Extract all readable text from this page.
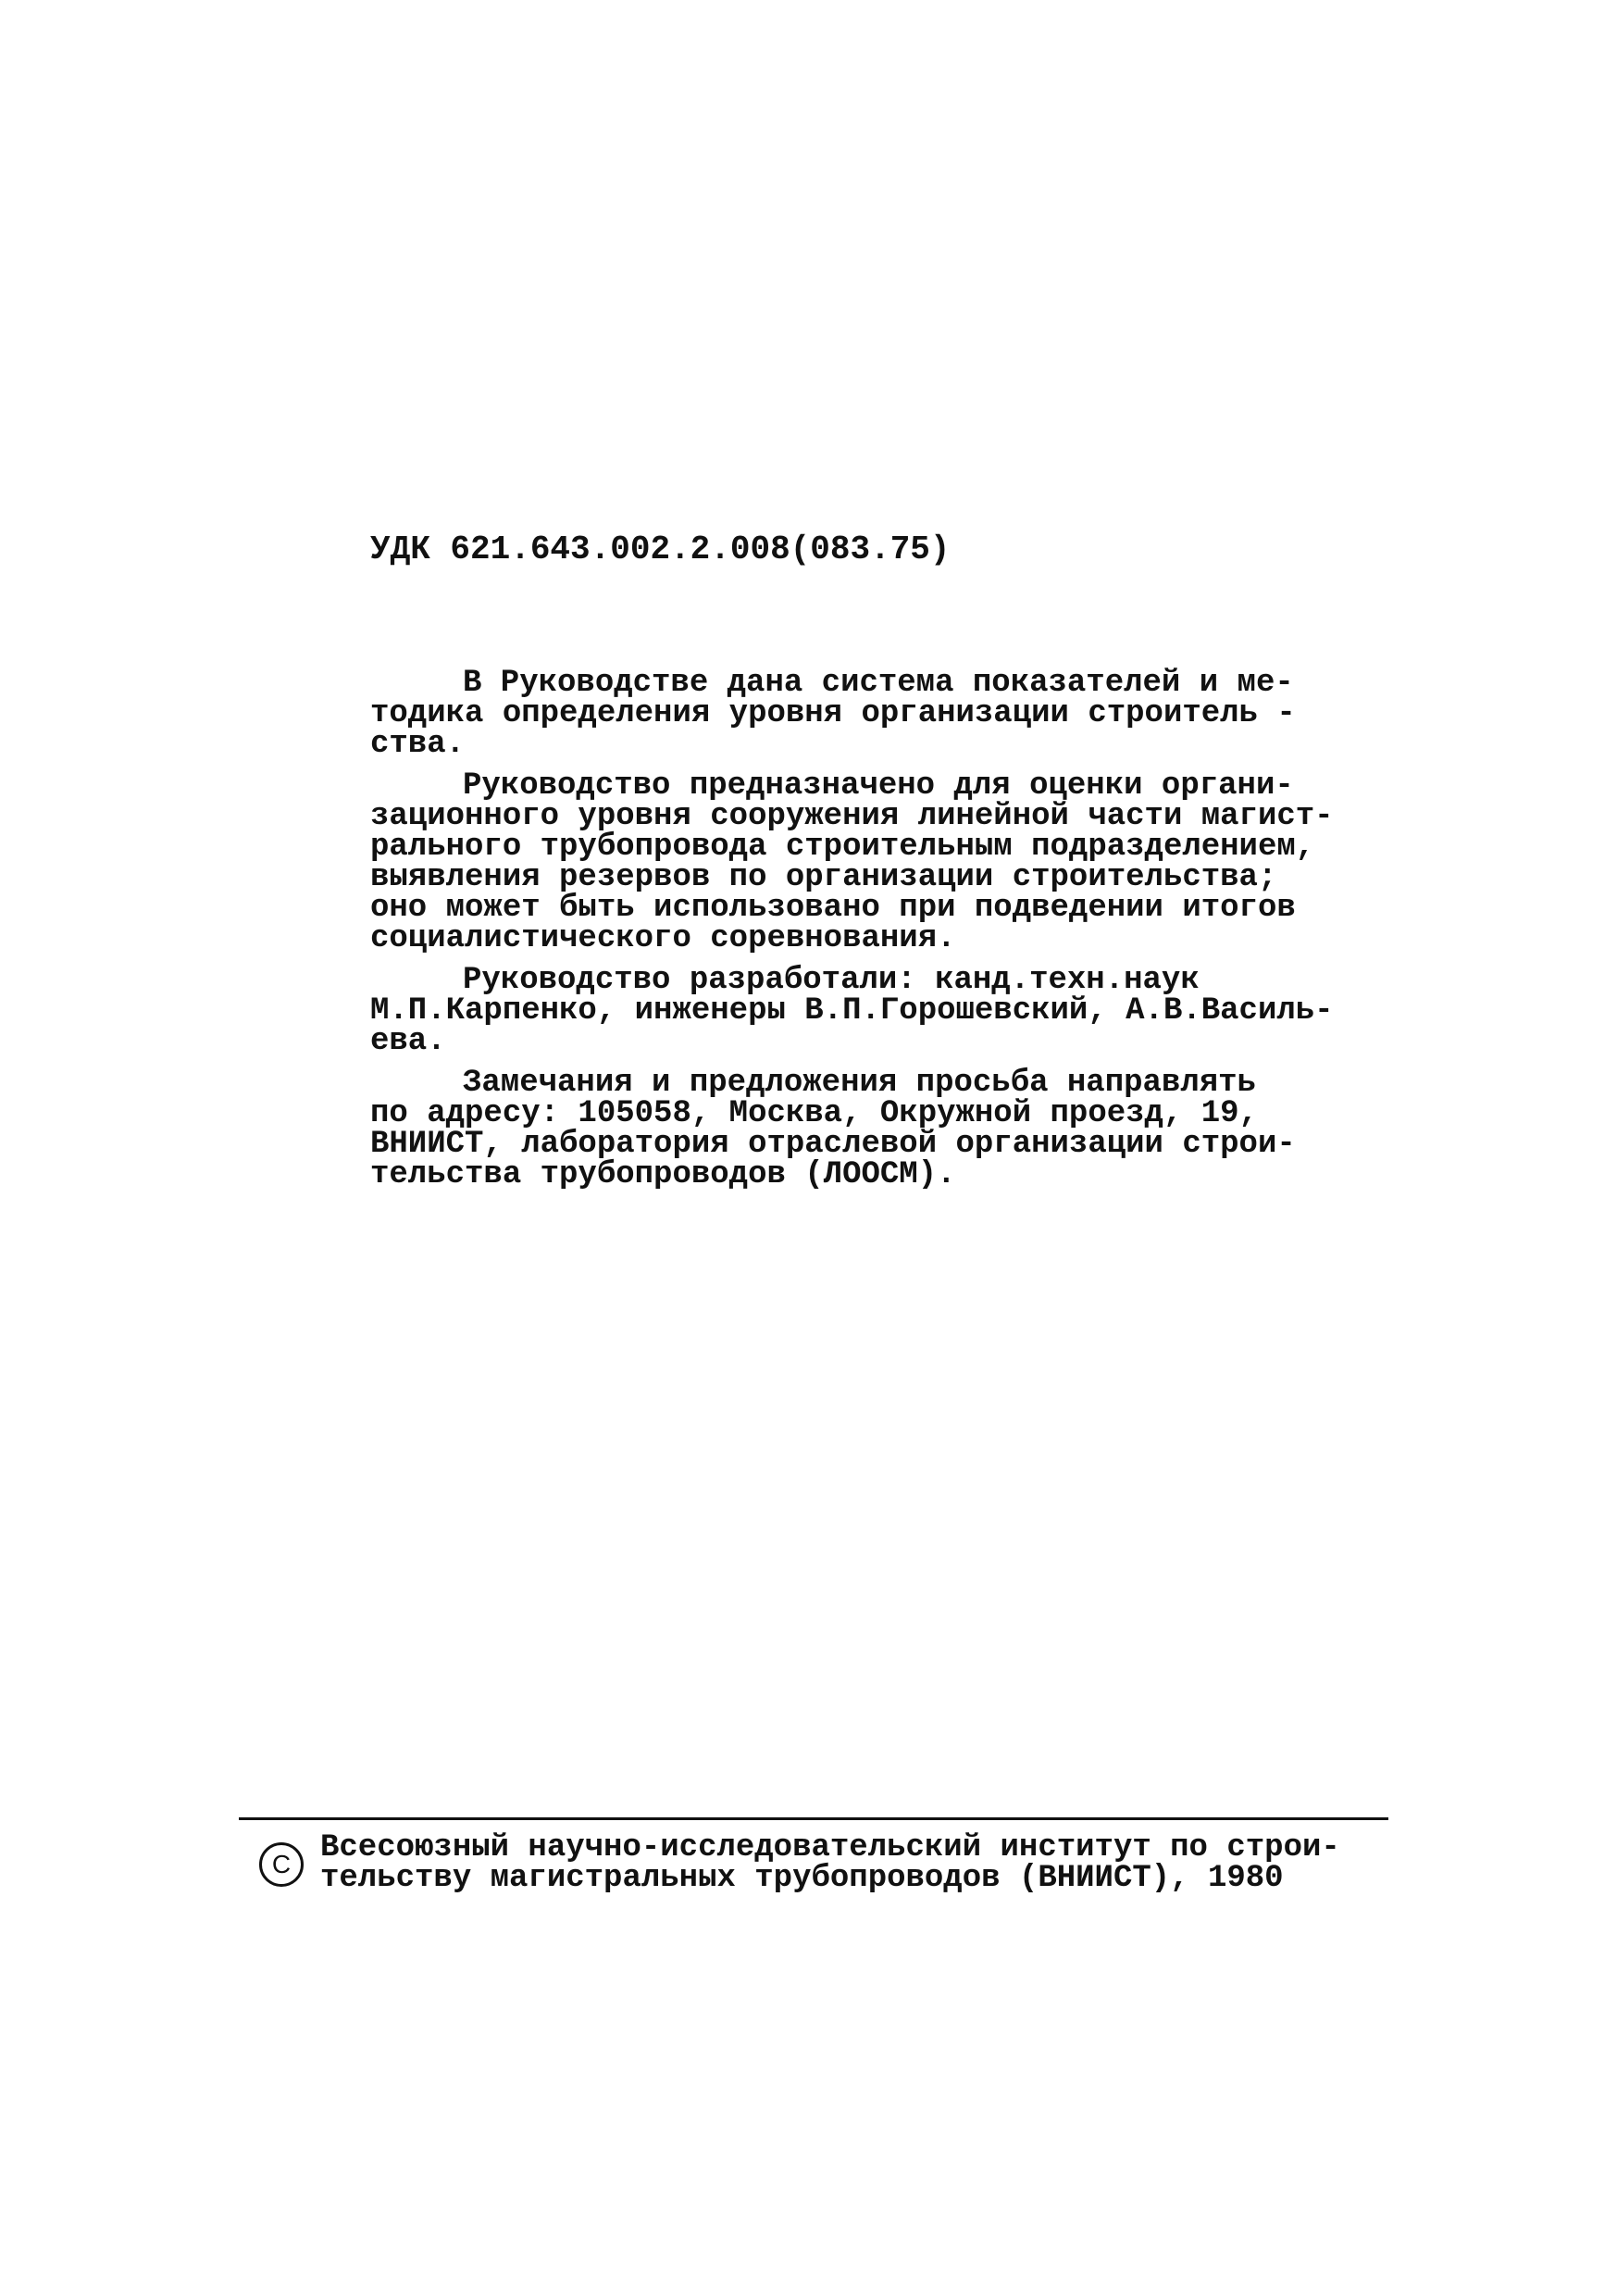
УДК 621.643.002.2.008(083.75)
В Руководстве дана система показателей и ме-
тодика определения уровня организации строитель -
ства.
Руководство предназначено для оценки органи-
зационного уровня сооружения линейной части магист-
рального трубопровода строительным подразделением,
выявления резервов по организации строительства;
оно может быть использовано при подведении итогов
социалистического соревнования.
Руководство разработали: канд.техн.наук
М.П.Карпенко, инженеры В.П.Горошевский, А.В.Василь-
ева.
Замечания и предложения просьба направлять
по адресу: 105058, Москва, Окружной проезд, 19,
ВНИИСТ, лаборатория отраслевой организации строи-
тельства трубопроводов (ЛООСМ).
C Всесоюзный научно-исследовательский институт по строи-
тельству магистральных трубопроводов (ВНИИСТ), 1980
